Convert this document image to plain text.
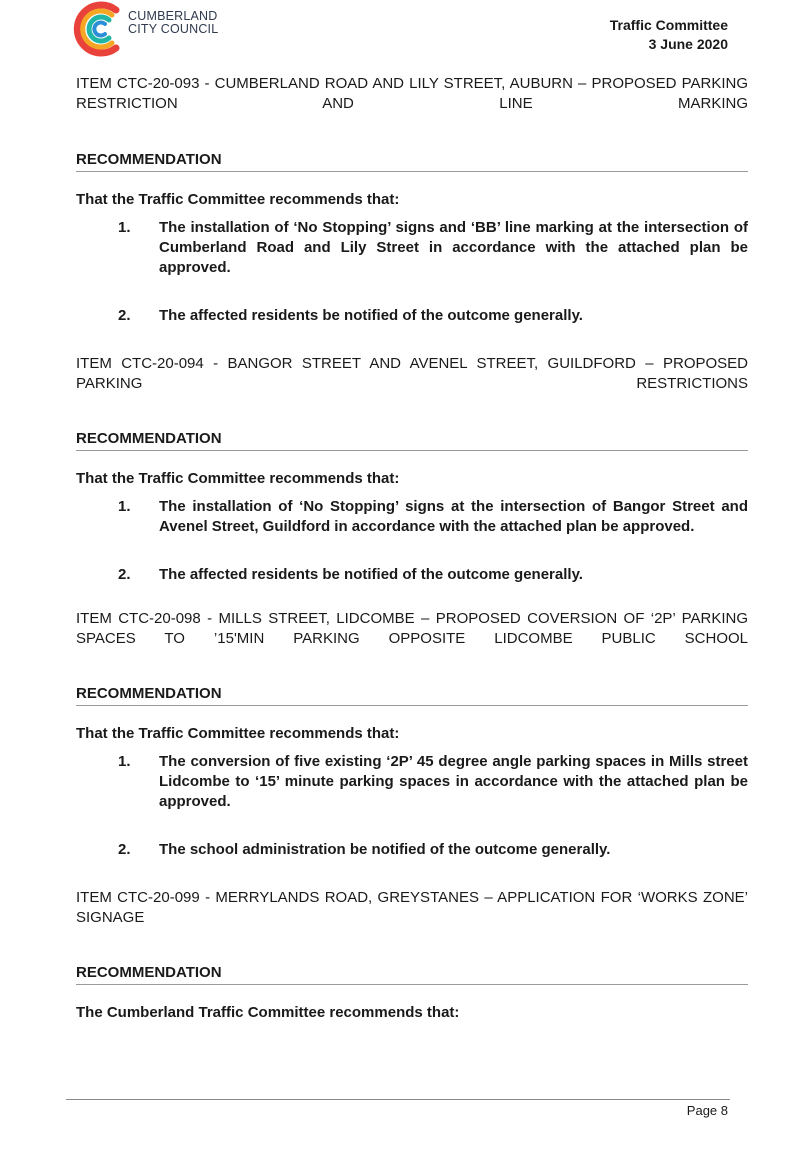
CUMBERLAND
CITY COUNCIL	Traffic Committee
3 June 2020

ITEM CTC-20-093 - CUMBERLAND ROAD AND LILY STREET, AUBURN – PROPOSED PARKING RESTRICTION AND LINE MARKING

RECOMMENDATION

That the Traffic Committee recommends that:

1. The installation of ‘No Stopping’ signs and ‘BB’ line marking at the intersection of Cumberland Road and Lily Street in accordance with the attached plan be approved.
2. The affected residents be notified of the outcome generally.

ITEM CTC-20-094 - BANGOR STREET AND AVENEL STREET, GUILDFORD – PROPOSED PARKING RESTRICTIONS

RECOMMENDATION

That the Traffic Committee recommends that:

1. The installation of ‘No Stopping’ signs at the intersection of Bangor Street and Avenel Street, Guildford in accordance with the attached plan be approved.
2. The affected residents be notified of the outcome generally.

ITEM CTC-20-098 - MILLS STREET, LIDCOMBE – PROPOSED COVERSION OF ‘2P’ PARKING SPACES TO ’15'MIN PARKING OPPOSITE LIDCOMBE PUBLIC SCHOOL

RECOMMENDATION

That the Traffic Committee recommends that:

1. The conversion of five existing ‘2P’ 45 degree angle parking spaces in Mills street Lidcombe to ‘15’ minute parking spaces in accordance with the attached plan be approved.
2. The school administration be notified of the outcome generally.

ITEM CTC-20-099 - MERRYLANDS ROAD, GREYSTANES – APPLICATION FOR ‘WORKS ZONE’ SIGNAGE

RECOMMENDATION

The Cumberland Traffic Committee recommends that:

Page 8
